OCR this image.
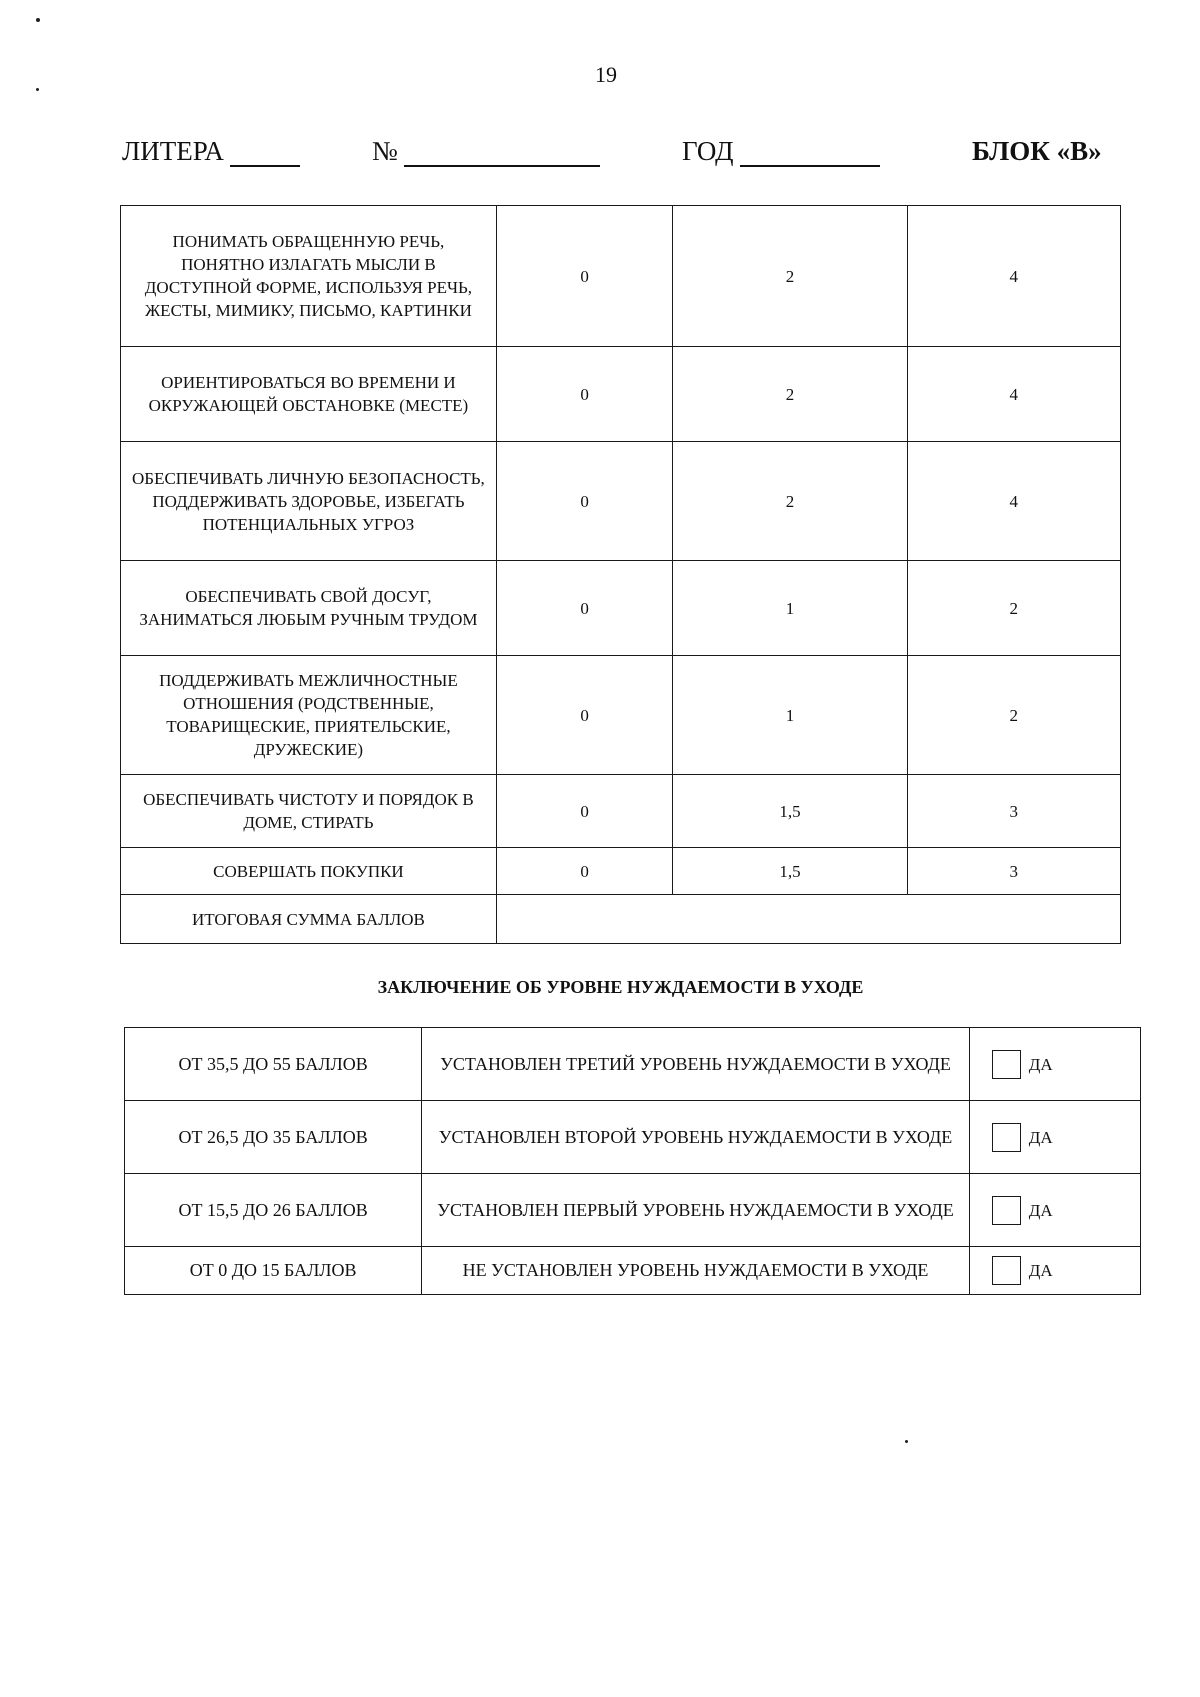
19
ЛИТЕРА	№	ГОД	БЛОК «В»
ПОНИМАТЬ ОБРАЩЕННУЮ РЕЧЬ, ПОНЯТНО ИЗЛАГАТЬ МЫСЛИ В ДОСТУПНОЙ ФОРМЕ, ИСПОЛЬЗУЯ РЕЧЬ, ЖЕСТЫ, МИМИКУ, ПИСЬМО, КАРТИНКИ	0	2	4
ОРИЕНТИРОВАТЬСЯ ВО ВРЕМЕНИ И ОКРУЖАЮЩЕЙ ОБСТАНОВКЕ (МЕСТЕ)	0	2	4
ОБЕСПЕЧИВАТЬ ЛИЧНУЮ БЕЗОПАСНОСТЬ, ПОДДЕРЖИВАТЬ ЗДОРОВЬЕ, ИЗБЕГАТЬ ПОТЕНЦИАЛЬНЫХ УГРОЗ	0	2	4
ОБЕСПЕЧИВАТЬ СВОЙ ДОСУГ, ЗАНИМАТЬСЯ ЛЮБЫМ РУЧНЫМ ТРУДОМ	0	1	2
ПОДДЕРЖИВАТЬ МЕЖЛИЧНОСТНЫЕ ОТНОШЕНИЯ (РОДСТВЕННЫЕ, ТОВАРИЩЕСКИЕ, ПРИЯТЕЛЬСКИЕ, ДРУЖЕСКИЕ)	0	1	2
ОБЕСПЕЧИВАТЬ ЧИСТОТУ И ПОРЯДОК В ДОМЕ, СТИРАТЬ	0	1,5	3
СОВЕРШАТЬ ПОКУПКИ	0	1,5	3
ИТОГОВАЯ СУММА БАЛЛОВ			
ЗАКЛЮЧЕНИЕ ОБ УРОВНЕ НУЖДАЕМОСТИ В УХОДЕ
ОТ 35,5 ДО 55 БАЛЛОВ	УСТАНОВЛЕН ТРЕТИЙ УРОВЕНЬ НУЖДАЕМОСТИ В УХОДЕ	ДА
ОТ 26,5 ДО 35 БАЛЛОВ	УСТАНОВЛЕН ВТОРОЙ УРОВЕНЬ НУЖДАЕМОСТИ В УХОДЕ	ДА
ОТ 15,5 ДО 26 БАЛЛОВ	УСТАНОВЛЕН ПЕРВЫЙ УРОВЕНЬ НУЖДАЕМОСТИ В УХОДЕ	ДА
ОТ 0 ДО 15 БАЛЛОВ	НЕ УСТАНОВЛЕН УРОВЕНЬ НУЖДАЕМОСТИ В УХОДЕ	ДА
